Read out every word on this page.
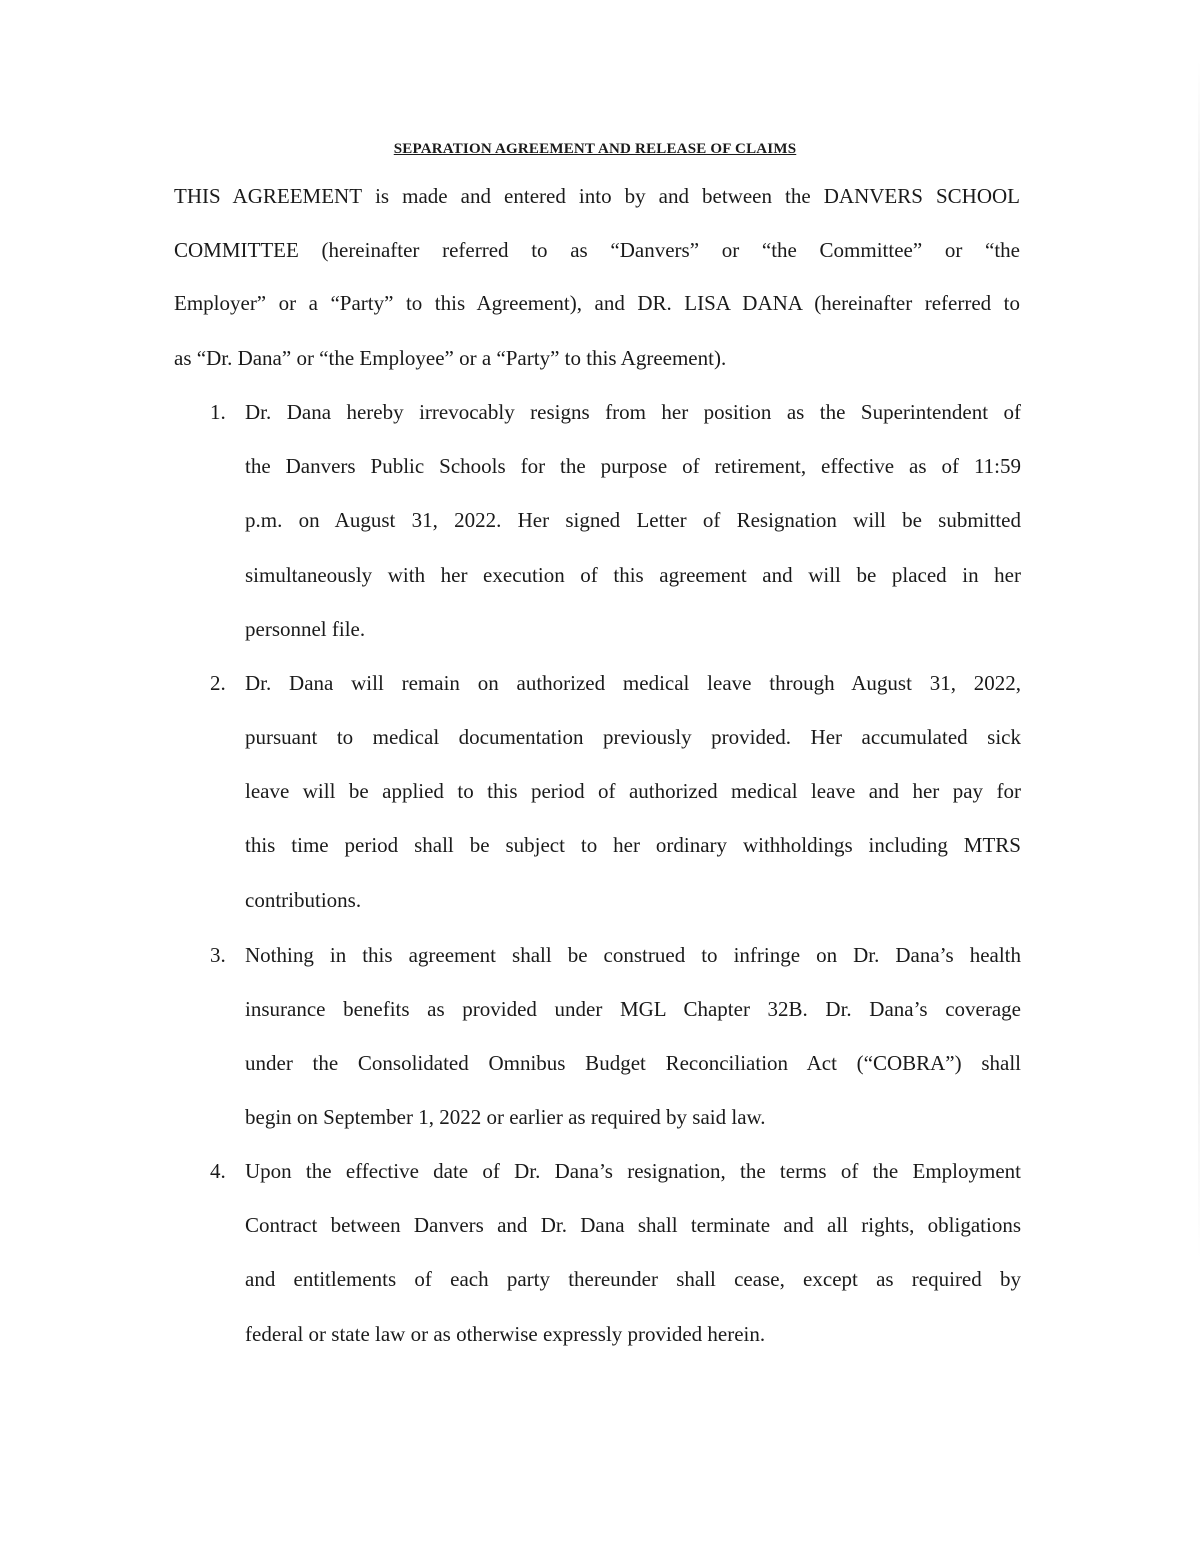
SEPARATION AGREEMENT AND RELEASE OF CLAIMS
THIS AGREEMENT is made and entered into by and between the DANVERS SCHOOL
COMMITTEE (hereinafter referred to as “Danvers” or “the Committee” or “the
Employer” or a “Party” to this Agreement), and DR. LISA DANA (hereinafter referred to
as “Dr. Dana” or “the Employee” or a “Party” to this Agreement).
1. Dr. Dana hereby irrevocably resigns from her position as the Superintendent of
the Danvers Public Schools for the purpose of retirement, effective as of 11:59
p.m. on August 31, 2022. Her signed Letter of Resignation will be submitted
simultaneously with her execution of this agreement and will be placed in her
personnel file.
2. Dr. Dana will remain on authorized medical leave through August 31, 2022,
pursuant to medical documentation previously provided. Her accumulated sick
leave will be applied to this period of authorized medical leave and her pay for
this time period shall be subject to her ordinary withholdings including MTRS
contributions.
3. Nothing in this agreement shall be construed to infringe on Dr. Dana’s health
insurance benefits as provided under MGL Chapter 32B. Dr. Dana’s coverage
under the Consolidated Omnibus Budget Reconciliation Act (“COBRA”) shall
begin on September 1, 2022 or earlier as required by said law.
4. Upon the effective date of Dr. Dana’s resignation, the terms of the Employment
Contract between Danvers and Dr. Dana shall terminate and all rights, obligations
and entitlements of each party thereunder shall cease, except as required by
federal or state law or as otherwise expressly provided herein.
